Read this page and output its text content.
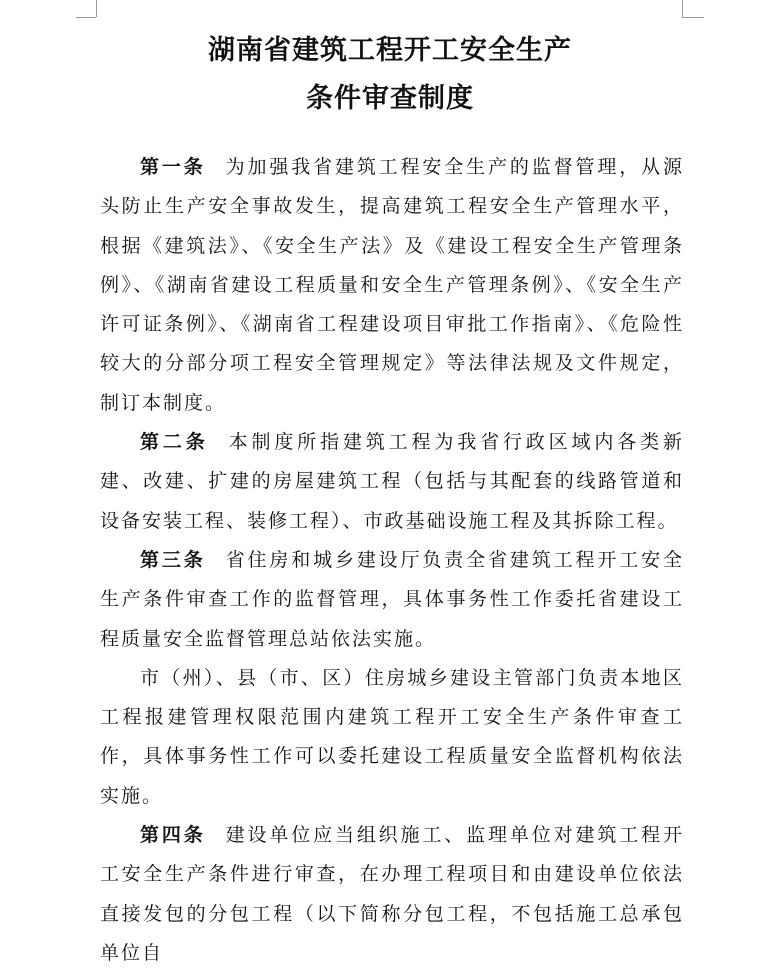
湖南省建筑工程开工安全生产
条件审查制度

第一条 为加强我省建筑工程安全生产的监督管理，从源头防止生产安全事故发生，提高建筑工程安全生产管理水平，根据《建筑法》、《安全生产法》及《建设工程安全生产管理条例》、《湖南省建设工程质量和安全生产管理条例》、《安全生产许可证条例》、《湖南省工程建设项目审批工作指南》、《危险性较大的分部分项工程安全管理规定》等法律法规及文件规定，制订本制度。

第二条 本制度所指建筑工程为我省行政区域内各类新建、改建、扩建的房屋建筑工程（包括与其配套的线路管道和设备安装工程、装修工程）、市政基础设施工程及其拆除工程。

第三条 省住房和城乡建设厅负责全省建筑工程开工安全生产条件审查工作的监督管理，具体事务性工作委托省建设工程质量安全监督管理总站依法实施。

市（州）、县（市、区）住房城乡建设主管部门负责本地区工程报建管理权限范围内建筑工程开工安全生产条件审查工作，具体事务性工作可以委托建设工程质量安全监督机构依法实施。

第四条 建设单位应当组织施工、监理单位对建筑工程开工安全生产条件进行审查，在办理工程项目和由建设单位依法直接发包的分包工程（以下简称分包工程，不包括施工总承包单位自
